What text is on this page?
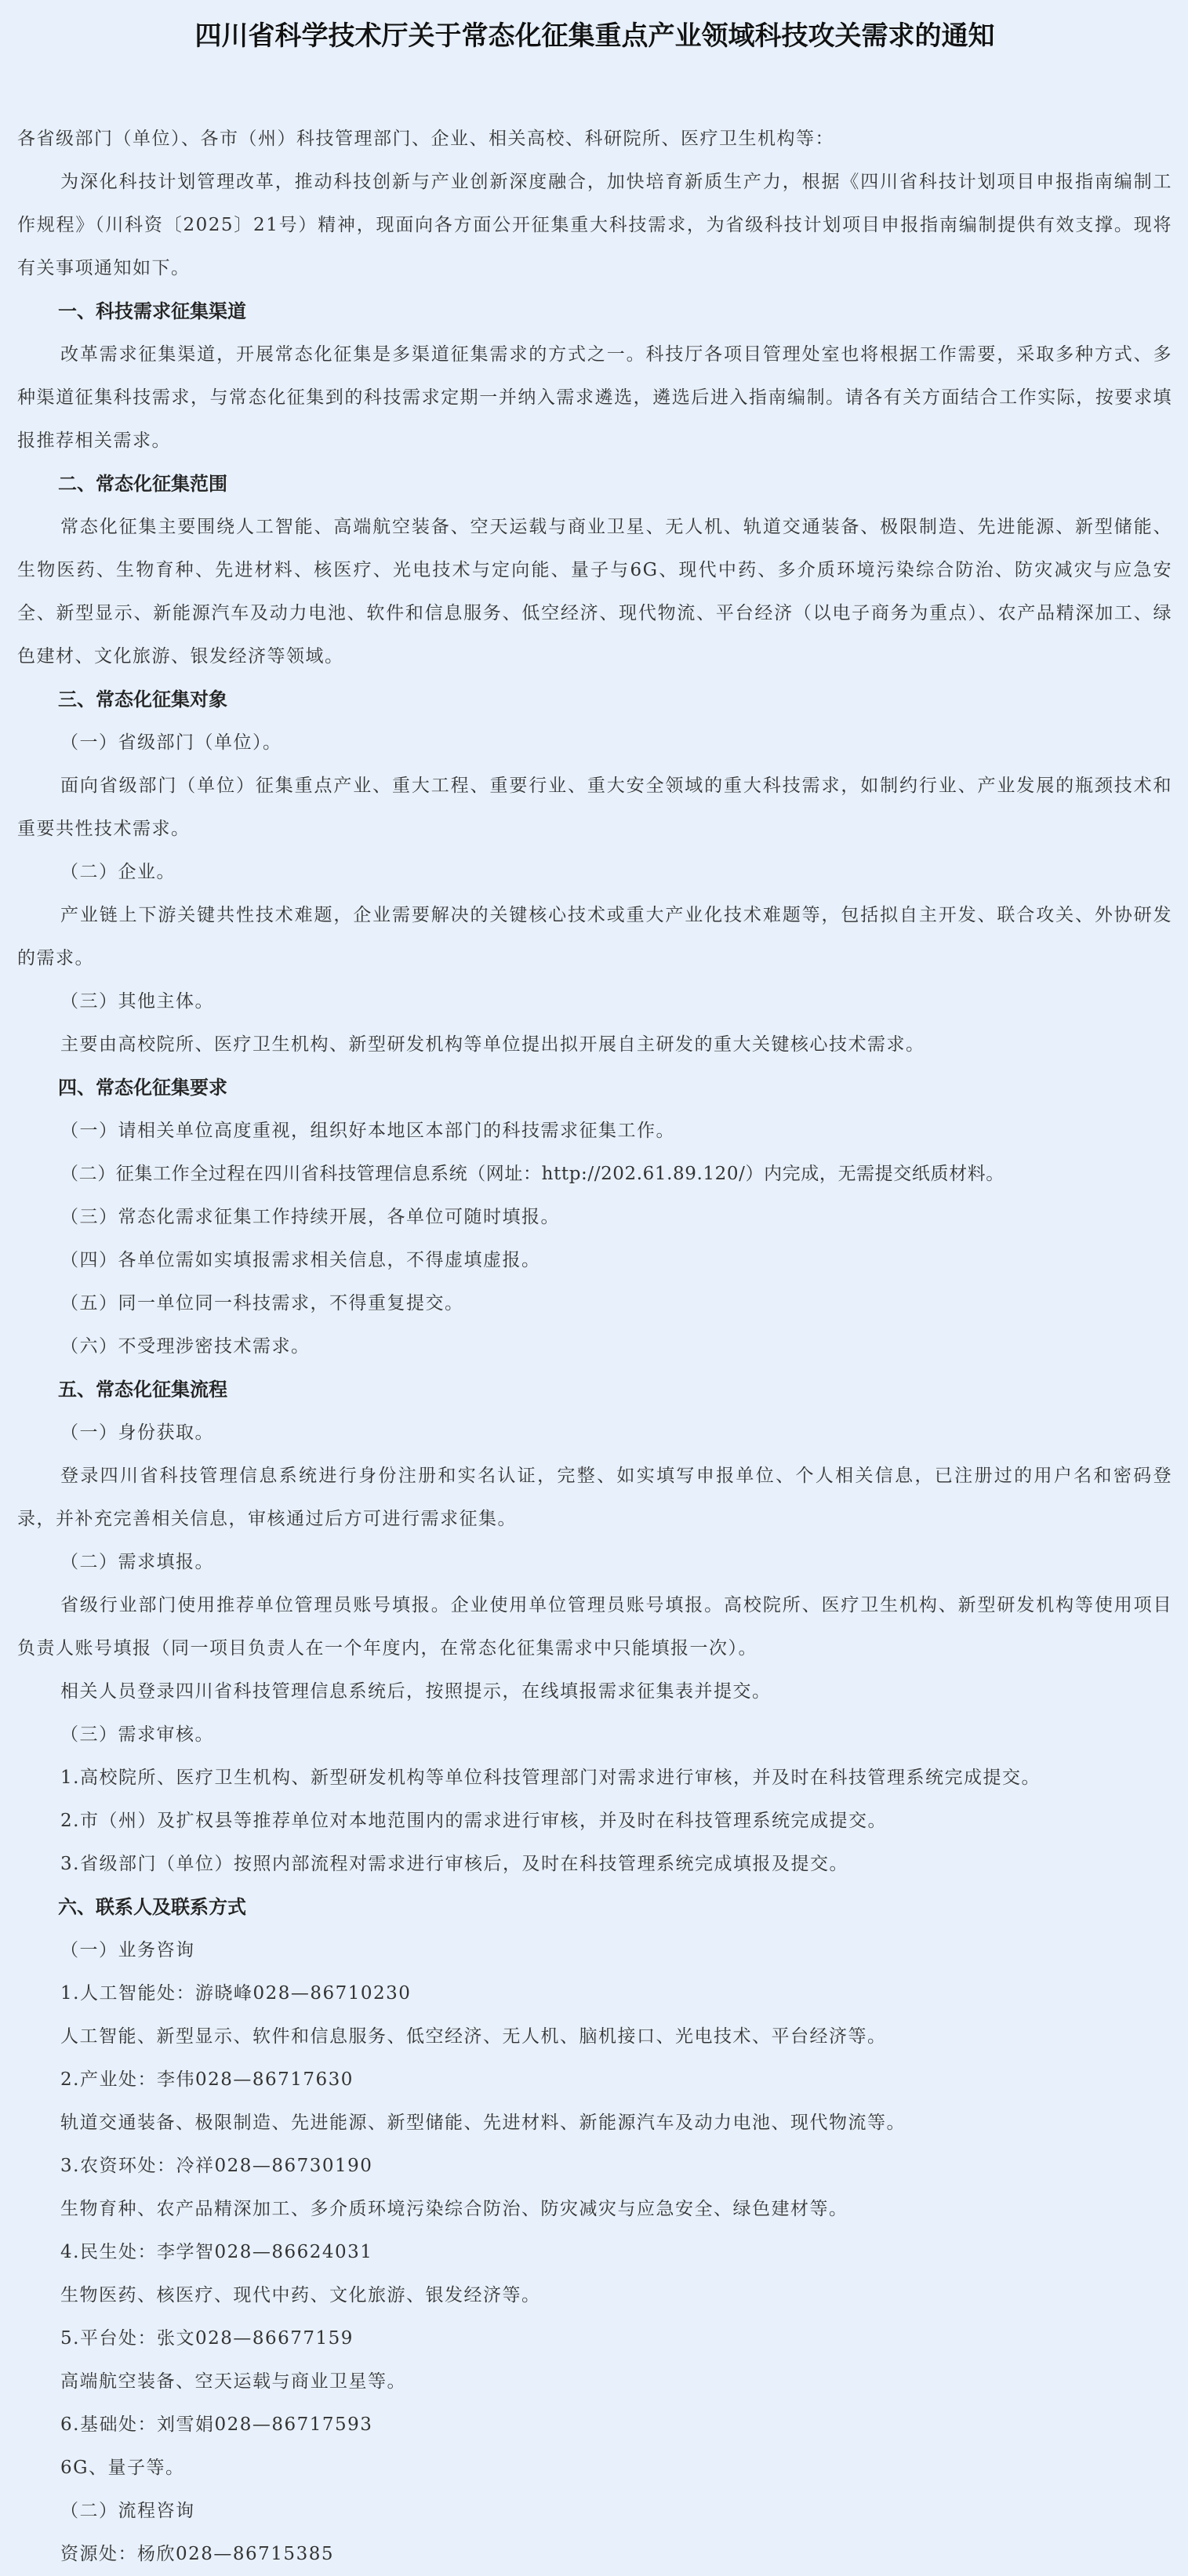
四川省科学技术厅关于常态化征集重点产业领域科技攻关需求的通知

各省级部门（单位）、各市（州）科技管理部门、企业、相关高校、科研院所、医疗卫生机构等：

为深化科技计划管理改革，推动科技创新与产业创新深度融合，加快培育新质生产力，根据《四川省科技计划项目申报指南编制工作规程》（川科资〔2025〕21号）精神，现面向各方面公开征集重大科技需求，为省级科技计划项目申报指南编制提供有效支撑。现将有关事项通知如下。

一、科技需求征集渠道

改革需求征集渠道，开展常态化征集是多渠道征集需求的方式之一。科技厅各项目管理处室也将根据工作需要，采取多种方式、多种渠道征集科技需求，与常态化征集到的科技需求定期一并纳入需求遴选，遴选后进入指南编制。请各有关方面结合工作实际，按要求填报推荐相关需求。

二、常态化征集范围

常态化征集主要围绕人工智能、高端航空装备、空天运载与商业卫星、无人机、轨道交通装备、极限制造、先进能源、新型储能、生物医药、生物育种、先进材料、核医疗、光电技术与定向能、量子与6G、现代中药、多介质环境污染综合防治、防灾减灾与应急安全、新型显示、新能源汽车及动力电池、软件和信息服务、低空经济、现代物流、平台经济（以电子商务为重点）、农产品精深加工、绿色建材、文化旅游、银发经济等领域。

三、常态化征集对象

（一）省级部门（单位）。

面向省级部门（单位）征集重点产业、重大工程、重要行业、重大安全领域的重大科技需求，如制约行业、产业发展的瓶颈技术和重要共性技术需求。

（二）企业。

产业链上下游关键共性技术难题，企业需要解决的关键核心技术或重大产业化技术难题等，包括拟自主开发、联合攻关、外协研发的需求。

（三）其他主体。

主要由高校院所、医疗卫生机构、新型研发机构等单位提出拟开展自主研发的重大关键核心技术需求。

四、常态化征集要求

（一）请相关单位高度重视，组织好本地区本部门的科技需求征集工作。

（二）征集工作全过程在四川省科技管理信息系统（网址：http://202.61.89.120/）内完成，无需提交纸质材料。

（三）常态化需求征集工作持续开展，各单位可随时填报。

（四）各单位需如实填报需求相关信息，不得虚填虚报。

（五）同一单位同一科技需求，不得重复提交。

（六）不受理涉密技术需求。

五、常态化征集流程

（一）身份获取。

登录四川省科技管理信息系统进行身份注册和实名认证，完整、如实填写申报单位、个人相关信息，已注册过的用户名和密码登录，并补充完善相关信息，审核通过后方可进行需求征集。

（二）需求填报。

省级行业部门使用推荐单位管理员账号填报。企业使用单位管理员账号填报。高校院所、医疗卫生机构、新型研发机构等使用项目负责人账号填报（同一项目负责人在一个年度内，在常态化征集需求中只能填报一次）。

相关人员登录四川省科技管理信息系统后，按照提示，在线填报需求征集表并提交。

（三）需求审核。

1.高校院所、医疗卫生机构、新型研发机构等单位科技管理部门对需求进行审核，并及时在科技管理系统完成提交。

2.市（州）及扩权县等推荐单位对本地范围内的需求进行审核，并及时在科技管理系统完成提交。

3.省级部门（单位）按照内部流程对需求进行审核后，及时在科技管理系统完成填报及提交。

六、联系人及联系方式

（一）业务咨询

1.人工智能处：游晓峰028—86710230

人工智能、新型显示、软件和信息服务、低空经济、无人机、脑机接口、光电技术、平台经济等。

2.产业处：李伟028—86717630

轨道交通装备、极限制造、先进能源、新型储能、先进材料、新能源汽车及动力电池、现代物流等。

3.农资环处：冷祥028—86730190

生物育种、农产品精深加工、多介质环境污染综合防治、防灾减灾与应急安全、绿色建材等。

4.民生处：李学智028—86624031

生物医药、核医疗、现代中药、文化旅游、银发经济等。

5.平台处：张文028—86677159

高端航空装备、空天运载与商业卫星等。

6.基础处：刘雪娟028—86717593

6G、量子等。

（二）流程咨询

资源处：杨欣028—86715385
